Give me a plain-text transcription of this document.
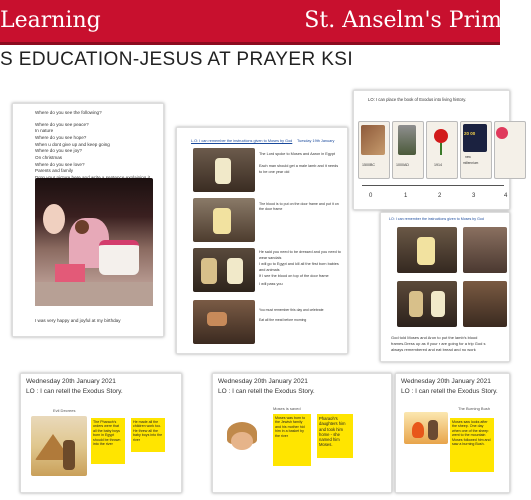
Learning	St. Anselm's Prim
S EDUCATION-JESUS AT PRAYER KSI
Where do you see the following?
Where do you see peace?
In nature
Where do you see hope?
When u dont give up and keep going
Where do you see joy?
On christmas
Where do you see love?
Parents and family
I was very happy and joyful at my birthday
L.O: I can remember the instructions given to Moses by God Tuesday 19th January
The Lord spoke to Moses and Aaron in Egypt
Each man should get a male lamb and it needs to be one year old
The blood is to put on the door frame and put it on the door frame
He said you need to be dressed and you need to wear sandals
I will go to Egypt and kill all the first born babies and animals
If I see the blood on top of the door frame
I will pass you
You must remember this day and celebrate
Eat all the meat before morning
LO: I can place the book of Exodus into living history.
1500BC	1000AD	1914
20 00
new
millennium
0	1	2	3	4
LO: I can remember the instructions given to Moses by God
God told Moses and Aron to put the lamb's blood
frames.Dress up as if your r are going for a trip God s
always remembered and eat bread and no work
Wednesday 20th January 2021
LO : I can retell the Exodus Story.
Evil Decrees
The Pharaoh's orders were that all the baby boys born in Egypt should be thrown into the river
He made all the children work too. He threw all the baby boys into the river
Wednesday 20th January 2021
LO : I can retell the Exodus Story.
Moses is saved
Moses was born to the Jewish family and his mother hid him in a basket by the river
Pharaoh's daughters him and took him home - she named him Moses.
Wednesday 20th January 2021
LO : I can retell the Exodus Story.
The Burning Bush
Moses saw looks after the sheep. One day when one of the sheep went to the mountain Moses followed him and saw a burning Bush.
